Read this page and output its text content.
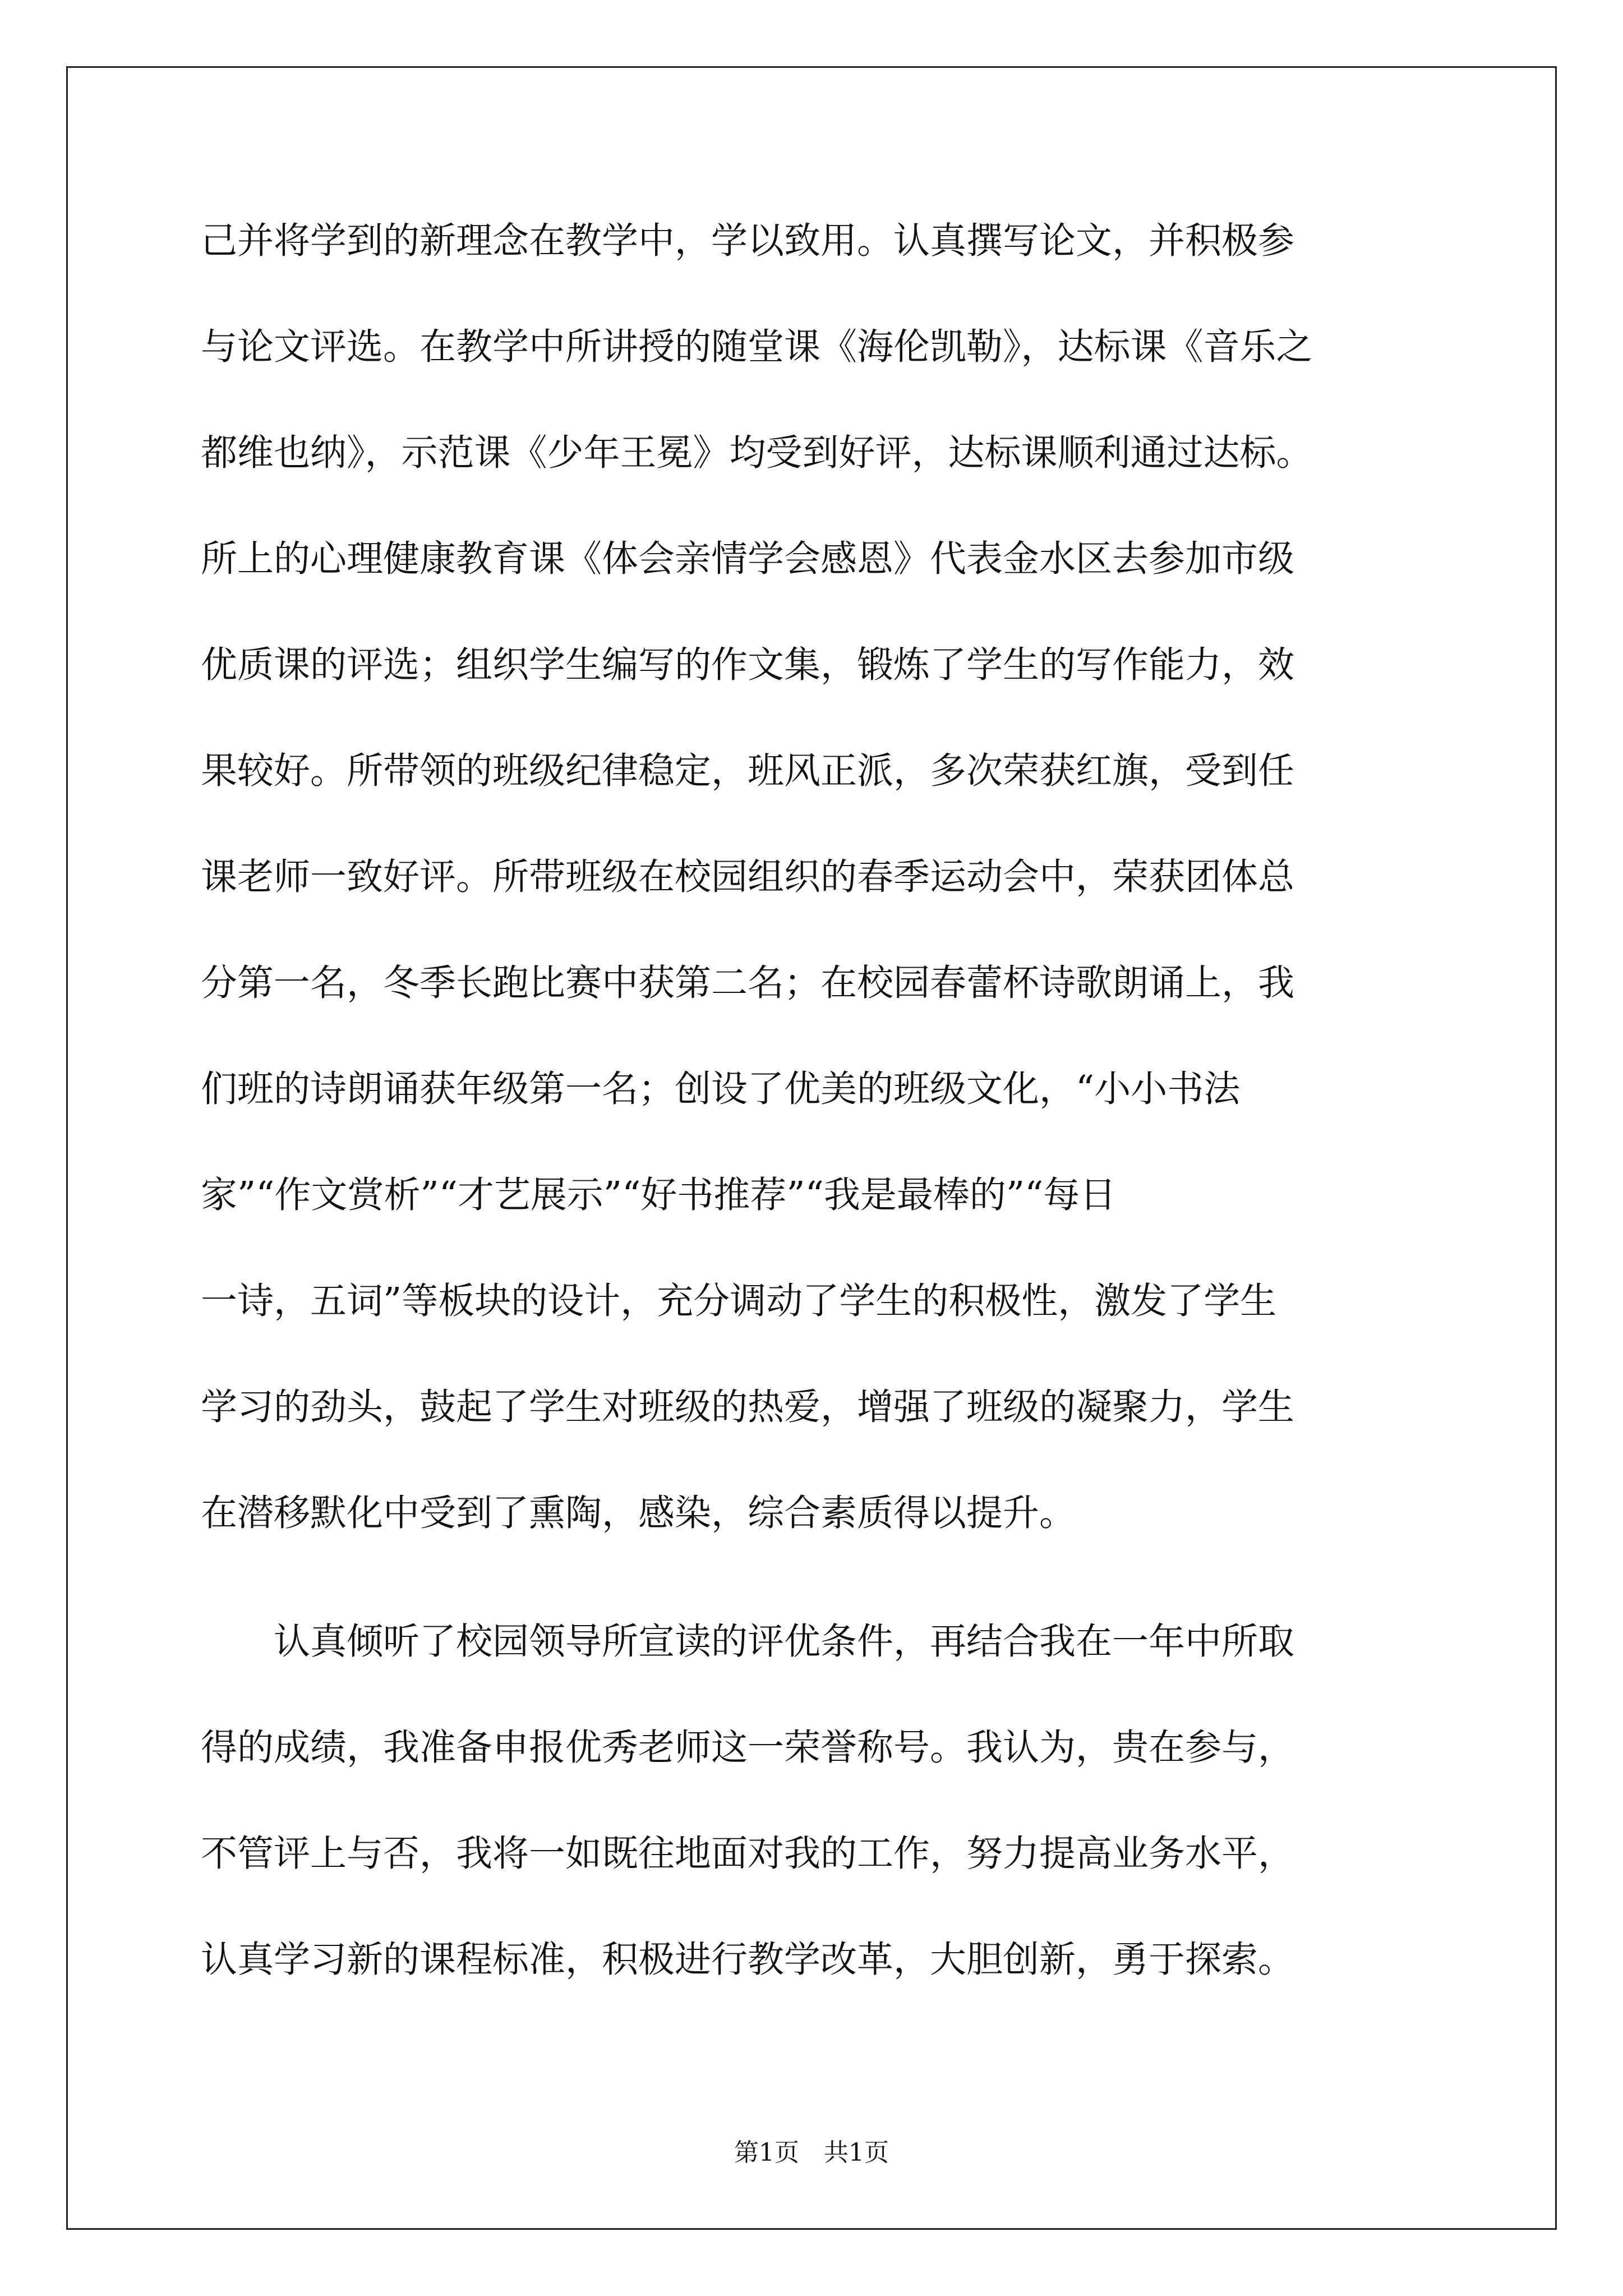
己并将学到的新理念在教学中，学以致用。认真撰写论文，并积极参
与论文评选。在教学中所讲授的随堂课《海伦凯勒》，达标课《音乐之
都维也纳》，示范课《少年王冕》均受到好评，达标课顺利通过达标。
所上的心理健康教育课《体会亲情学会感恩》代表金水区去参加市级
优质课的评选；组织学生编写的作文集，锻炼了学生的写作能力，效
果较好。所带领的班级纪律稳定，班风正派，多次荣获红旗，受到任
课老师一致好评。所带班级在校园组织的春季运动会中，荣获团体总
分第一名，冬季长跑比赛中获第二名；在校园春蕾杯诗歌朗诵上，我
们班的诗朗诵获年级第一名；创设了优美的班级文化，“小小书法
家”“作文赏析”“才艺展示”“好书推荐”“我是最棒的”“每日
一诗，五词”等板块的设计，充分调动了学生的积极性，激发了学生
学习的劲头，鼓起了学生对班级的热爱，增强了班级的凝聚力，学生
在潜移默化中受到了熏陶，感染，综合素质得以提升。
认真倾听了校园领导所宣读的评优条件，再结合我在一年中所取
得的成绩，我准备申报优秀老师这一荣誉称号。我认为，贵在参与，
不管评上与否，我将一如既往地面对我的工作，努力提高业务水平，
认真学习新的课程标准，积极进行教学改革，大胆创新，勇于探索。
第1页　共1页
